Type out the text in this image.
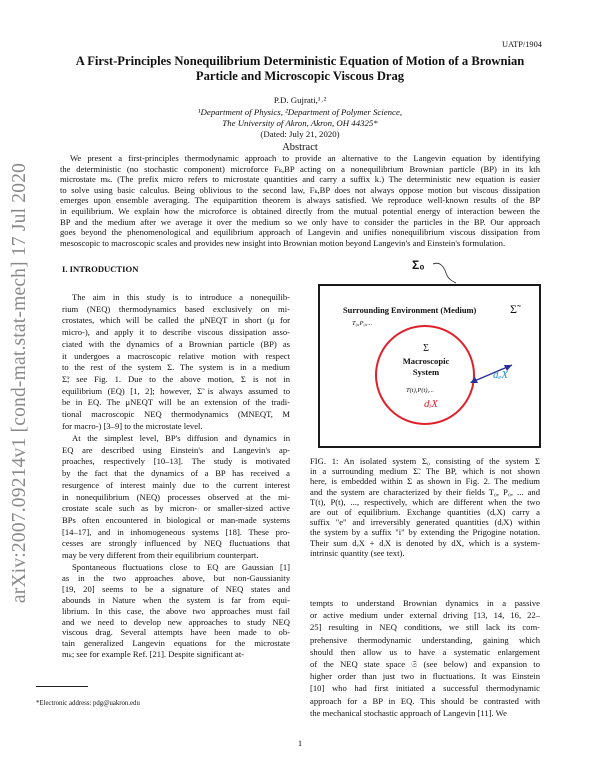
arXiv:2007.09214v1 [cond-mat.stat-mech] 17 Jul 2020
UATP/1904
A First-Principles Nonequilibrium Deterministic Equation of Motion of a Brownian
Particle and Microscopic Viscous Drag
P.D. Gujrati,¹˒²
¹Department of Physics, ²Department of Polymer Science,
The University of Akron, Akron, OH 44325*
(Dated: July 21, 2020)
Abstract
We present a first-principles thermodynamic approach to provide an alternative to the Langevin equation by identifying
the deterministic (no stochastic component) microforce Fₖ,BP acting on a nonequilibrium Brownian particle (BP) in its kth
microstate mₖ. (The prefix micro refers to microstate quantities and carry a suffix k.) The deterministic new equation is easier
to solve using basic calculus. Being oblivious to the second law, Fₖ,BP does not always oppose motion but viscous dissipation
emerges upon ensemble averaging. The equipartition theorem is always satisfied. We reproduce well-known results of the BP
in equilibrium. We explain how the microforce is obtained directly from the mutual potential energy of interaction beween the
BP and the medium after we average it over the medium so we only have to consider the particles in the BP. Our approach
goes beyond the phenomenological and equilibrium approach of Langevin and unifies nonequilibrium viscous dissipation from
mesoscopic to macroscopic scales and provides new insight into Brownian motion beyond Langevin's and Einstein's formulation.
I. INTRODUCTION
The aim in this study is to introduce a nonequilib-
rium (NEQ) thermodynamics based exclusively on mi-
crostates, which will be called the μNEQT in short (μ for
micro-), and apply it to describe viscous dissipation asso-
ciated with the dynamics of a Brownian particle (BP) as
it undergoes a macroscopic relative motion with respect
to the rest of the system Σ. The system is in a medium
Σ̃; see Fig. 1. Due to the above motion, Σ is not in
equilibrium (EQ) [1, 2]; however, Σ̃ is always assumed to
be in EQ. The μNEQT will be an extension of the tradi-
tional macroscopic NEQ thermodynamics (MNEQT, M
for macro-) [3–9] to the microstate level.
At the simplest level, BP's diffusion and dynamics in
EQ are described using Einstein's and Langevin's ap-
proaches, respectively [10–13]. The study is motivated
by the fact that the dynamics of a BP has received a
resurgence of interest mainly due to the current interest
in nonequilibrium (NEQ) processes observed at the mi-
crostate scale such as by micron- or smaller-sized active
BPs often encountered in biological or man-made systems
[14–17], and in inhomogeneous systems [18]. These pro-
cesses are strongly influenced by NEQ fluctuations that
may be very different from their equilibrium counterpart.
Spontaneous fluctuations close to EQ are Gaussian [1]
as in the two approaches above, but non-Gaussianity
[19, 20] seems to be a signature of NEQ states and
abounds in Nature when the system is far from equi-
librium. In this case, the above two approaches must fail
and we need to develop new approaches to study NEQ
viscous drag. Several attempts have been made to ob-
tain generalized Langevin equations for the microstate
mₖ; see for example Ref. [21]. Despite significant at-
Σ₀
Surrounding Environment (Medium)	Σ̃
T₀,P₀,...
Σ
Macroscopic
System
T(t),P(t),...
dᵢX
dₑX
FIG. 1: An isolated system Σ₀ consisting of the system Σ
in a surrounding medium Σ̃. The BP, which is not shown
here, is embedded within Σ as shown in Fig. 2. The medium
and the system are characterized by their fields T₀, P₀, ... and
T(t), P(t), ..., respectively, which are different when the two
are out of equilibrium. Exchange quantities (dₑX) carry a
suffix "e" and irreversibly generated quantities (dᵢX) within
the system by a suffix "i" by extending the Prigogine notation.
Their sum dₑX + dᵢX is denoted by dX, which is a system-
intrinsic quantity (see text).
tempts to understand Brownian dynamics in a passive
or active medium under external driving [13, 14, 16, 22–
25] resulting in NEQ conditions, we still lack its com-
prehensive thermodynamic understanding, gaining which
should then allow us to have a systematic enlargement
of the NEQ state space 𝔖 (see below) and expansion to
higher order than just two in fluctuations. It was Einstein
[10] who had first initiated a successful thermodynamic
approach for a BP in EQ. This should be contrasted with
the mechanical stochastic approach of Langevin [11]. We
*Electronic address: pdg@uakron.edu
1
